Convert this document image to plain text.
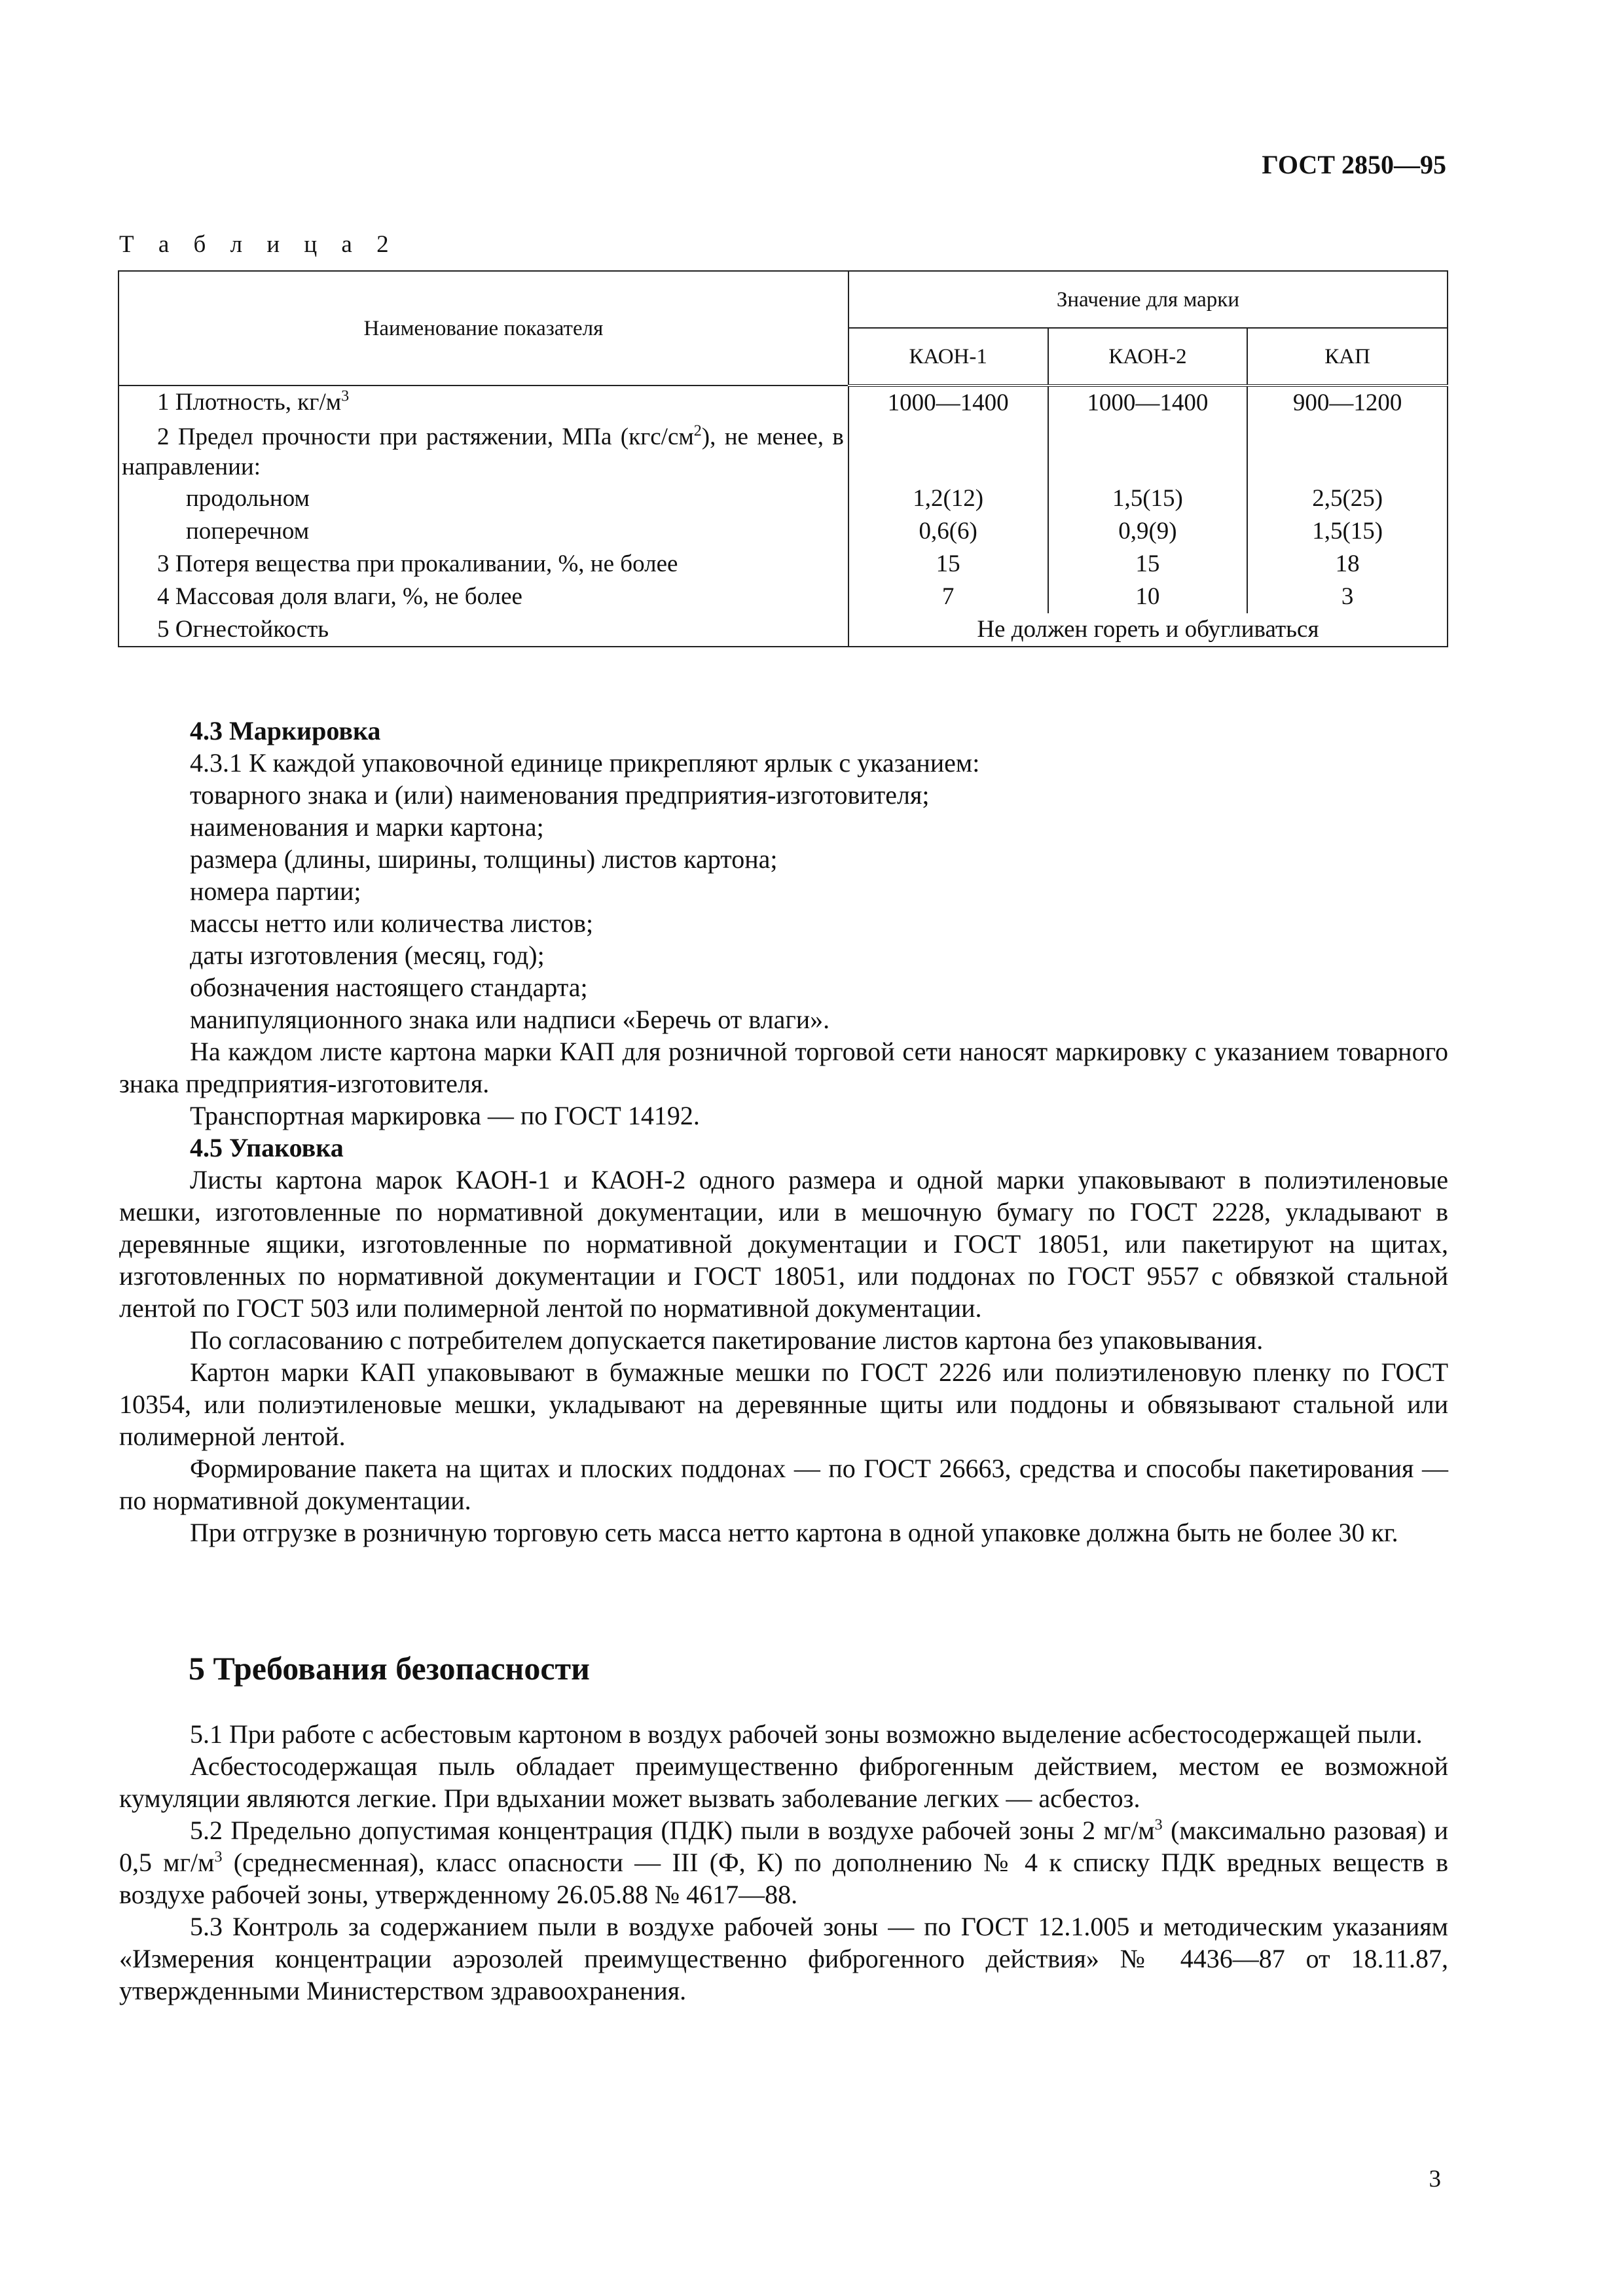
ГОСТ 2850—95
Т а б л и ц а 2
Наименование показателя	Значение для марки		
	КАОН-1	КАОН-2	КАП
1 Плотность, $кг/м^3$	1000—1400	1000—1400	900—1200
2 Предел прочности при растяжении, МПа $(кгс/см^2)$, не менее, в направлении:			
продольном	1,2(12)	1,5(15)	2,5(25)
поперечном	0,6(6)	0,9(9)	1,5(15)
3 Потеря вещества при прокаливании, %, не более	15	15	18
4 Массовая доля влаги, %, не более	7	10	3
5 Огнестойкость	Не должен гореть и обугливаться		

4.3 Маркировка

4.3.1 К каждой упаковочной единице прикрепляют ярлык с указанием:

товарного знака и (или) наименования предприятия-изготовителя;

наименования и марки картона;

размера (длины, ширины, толщины) листов картона;

номера партии;

массы нетто или количества листов;

даты изготовления (месяц, год);

обозначения настоящего стандарта;

манипуляционного знака или надписи «Беречь от влаги».

На каждом листе картона марки КАП для розничной торговой сети наносят маркировку с указанием товарного знака предприятия-изготовителя.

Транспортная маркировка — по ГОСТ 14192.

4.5 Упаковка

Листы картона марок КАОН-1 и КАОН-2 одного размера и одной марки упаковывают в полиэтиленовые мешки, изготовленные по нормативной документации, или в мешочную бумагу по ГОСТ 2228, укладывают в деревянные ящики, изготовленные по нормативной документации и ГОСТ 18051, или пакетируют на щитах, изготовленных по нормативной документации и ГОСТ 18051, или поддонах по ГОСТ 9557 с обвязкой стальной лентой по ГОСТ 503 или полимерной лентой по нормативной документации.

По согласованию с потребителем допускается пакетирование листов картона без упаковывания.

Картон марки КАП упаковывают в бумажные мешки по ГОСТ 2226 или полиэтиленовую пленку по ГОСТ 10354, или полиэтиленовые мешки, укладывают на деревянные щиты или поддоны и обвязывают стальной или полимерной лентой.

Формирование пакета на щитах и плоских поддонах — по ГОСТ 26663, средства и способы пакетирования — по нормативной документации.

При отгрузке в розничную торговую сеть масса нетто картона в одной упаковке должна быть не более 30 кг.

5 Требования безопасности

5.1 При работе с асбестовым картоном в воздух рабочей зоны возможно выделение асбестосодержащей пыли.

Асбестосодержащая пыль обладает преимущественно фиброгенным действием, местом ее возможной кумуляции являются легкие. При вдыхании может вызвать заболевание легких — асбестоз.

5.2 Предельно допустимая концентрация (ПДК) пыли в воздухе рабочей зоны 2 $мг/м^3$ (максимально разовая) и 0,5 $мг/м^3$ (среднесменная), класс опасности — III (Ф, К) по дополнению № 4 к списку ПДК вредных веществ в воздухе рабочей зоны, утвержденному 26.05.88 № 4617—88.

5.3 Контроль за содержанием пыли в воздухе рабочей зоны — по ГОСТ 12.1.005 и методическим указаниям «Измерения концентрации аэрозолей преимущественно фиброгенного действия» № 4436—87 от 18.11.87, утвержденными Министерством здравоохранения.

3
